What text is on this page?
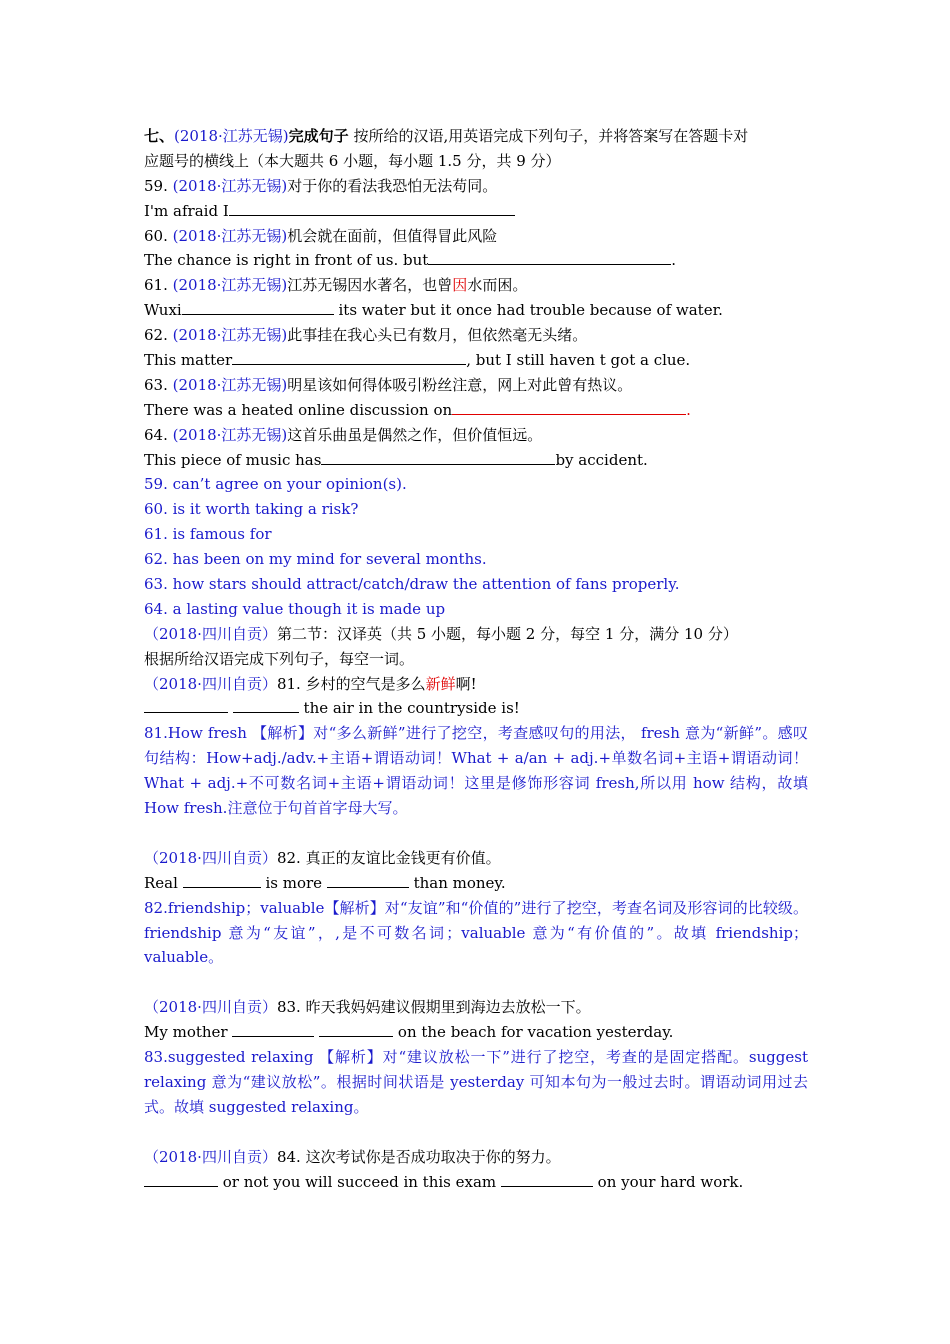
七、(2018·江苏无锡)完成句子 按所给的汉语,用英语完成下列句子，并将答案写在答题卡对
应题号的横线上（本大题共 6 小题，每小题 1.5 分，共 9 分）
59. (2018·江苏无锡)对于你的看法我恐怕无法苟同。
I'm afraid I
60. (2018·江苏无锡)机会就在面前，但值得冒此风险
The chance is right in front of us. but	.
61. (2018·江苏无锡)江苏无锡因水著名，也曾因水而困。
Wuxi	its water but it once had trouble because of water.
62. (2018·江苏无锡)此事挂在我心头已有数月，但依然毫无头绪。
This matter	, but I still haven t got a clue.
63. (2018·江苏无锡)明星该如何得体吸引粉丝注意，网上对此曾有热议。
There was a heated online discussion on	.
64. (2018·江苏无锡)这首乐曲虽是偶然之作，但价值恒远。
This piece of music has	by accident.
59. can’t agree on your opinion(s).
60. is it worth taking a risk?
61. is famous for
62. has been on my mind for several months.
63. how stars should attract/catch/draw the attention of fans properly.
64. a lasting value though it is made up
（2018·四川自贡）第二节：汉译英（共 5 小题，每小题 2 分，每空 1 分，满分 10 分）
根据所给汉语完成下列句子，每空一词。
（2018·四川自贡）81. 乡村的空气是多么新鲜啊!
the air in the countryside is!
81.How fresh 【解析】对“多么新鲜”进行了挖空，考查感叹句的用法， fresh 意为“新鲜”。感叹句结构：How+adj./adv.+主语+谓语动词！What + a/an + adj.+单数名词+主语+谓语动词！What + adj.+不可数名词+主语+谓语动词！这里是修饰形容词 fresh,所以用 how 结构，故填 How fresh.注意位于句首首字母大写。
（2018·四川自贡）82. 真正的友谊比金钱更有价值。
Real	is more	than money.
82.friendship；valuable【解析】对“友谊”和“价值的”进行了挖空，考查名词及形容词的比较级。friendship 意为“友谊”，,是不可数名词；valuable 意为“有价值的”。故填 friendship；valuable。
（2018·四川自贡）83. 昨天我妈妈建议假期里到海边去放松一下。
My mother	on the beach for vacation yesterday.
83.suggested relaxing 【解析】对“建议放松一下”进行了挖空，考查的是固定搭配。suggest relaxing 意为“建议放松”。根据时间状语是 yesterday 可知本句为一般过去时。谓语动词用过去式。故填 suggested relaxing。
（2018·四川自贡）84. 这次考试你是否成功取决于你的努力。
or not you will succeed in this exam	on your hard work.
